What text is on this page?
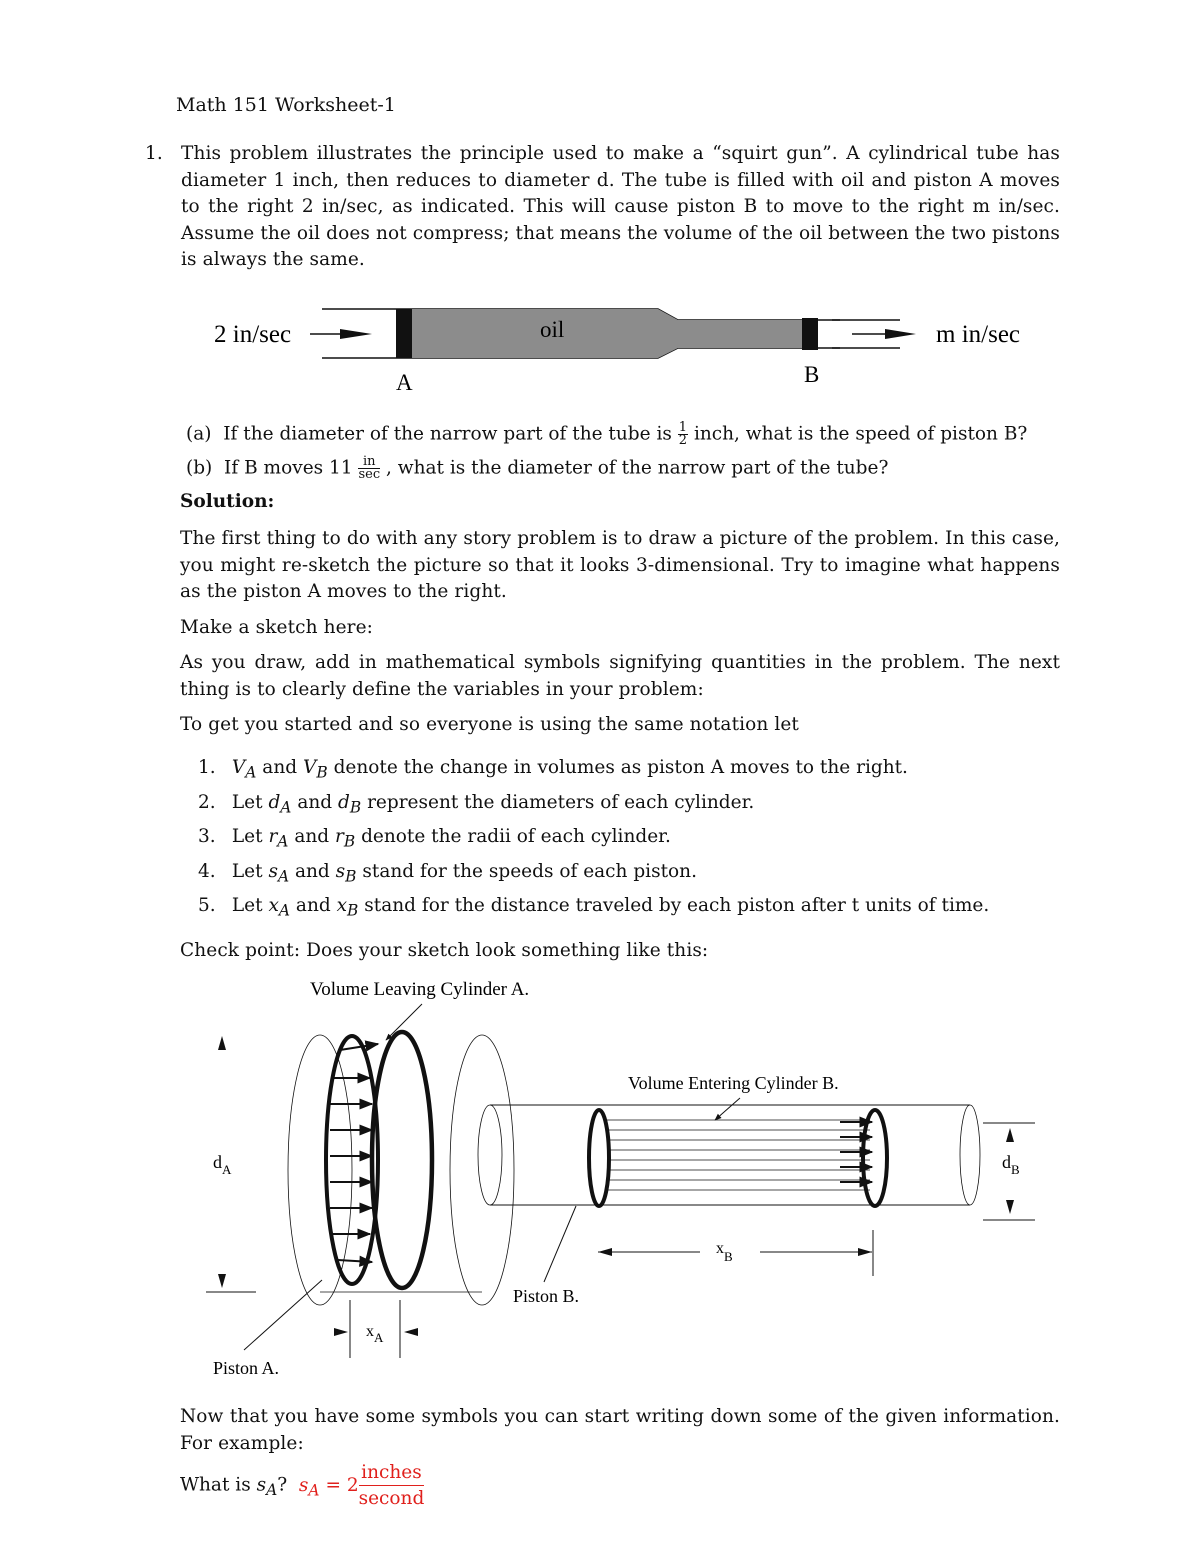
Math 151 Worksheet-1
1. This problem illustrates the principle used to make a “squirt gun”. A cylindrical tube has diameter 1 inch, then reduces to diameter d. The tube is filled with oil and piston A moves to the right 2 in/sec, as indicated. This will cause piston B to move to the right m in/sec. Assume the oil does not compress; that means the volume of the oil between the two pistons is always the same.
2 in/sec	oil
A	B
m in/sec
(a) If the diameter of the narrow part of the tube is $\frac{1}{2}$ inch, what is the speed of piston B?
(b) If B moves $11 \frac{in}{\sec}$ , what is the diameter of the narrow part of the tube?
Solution:
The first thing to do with any story problem is to draw a picture of the problem. In this case, you might re-sketch the picture so that it looks 3-dimensional. Try to imagine what happens as the piston A moves to the right.
Make a sketch here:
As you draw, add in mathematical symbols signifying quantities in the problem. The next thing is to clearly define the variables in your problem:
To get you started and so everyone is using the same notation let
1. $V_A$ and $V_B$ denote the change in volumes as piston A moves to the right.
2. Let $d_A$ and $d_B$ represent the diameters of each cylinder.
3. Let $r_A$ and $r_B$ denote the radii of each cylinder.
4. Let $s_A$ and $s_B$ stand for the speeds of each piston.
5. Let $x_A$ and $x_B$ stand for the distance traveled by each piston after t units of time.
Check point: Does your sketch look something like this:
Volume Leaving Cylinder A.
Volume Entering Cylinder B.
$d_A$	$d_B$
$x_A$
$x_B$
Piston B.
Piston A.
Now that you have some symbols you can start writing down some of the given information. For example:
What is $s_A$? $s_A = 2$
inches
second
